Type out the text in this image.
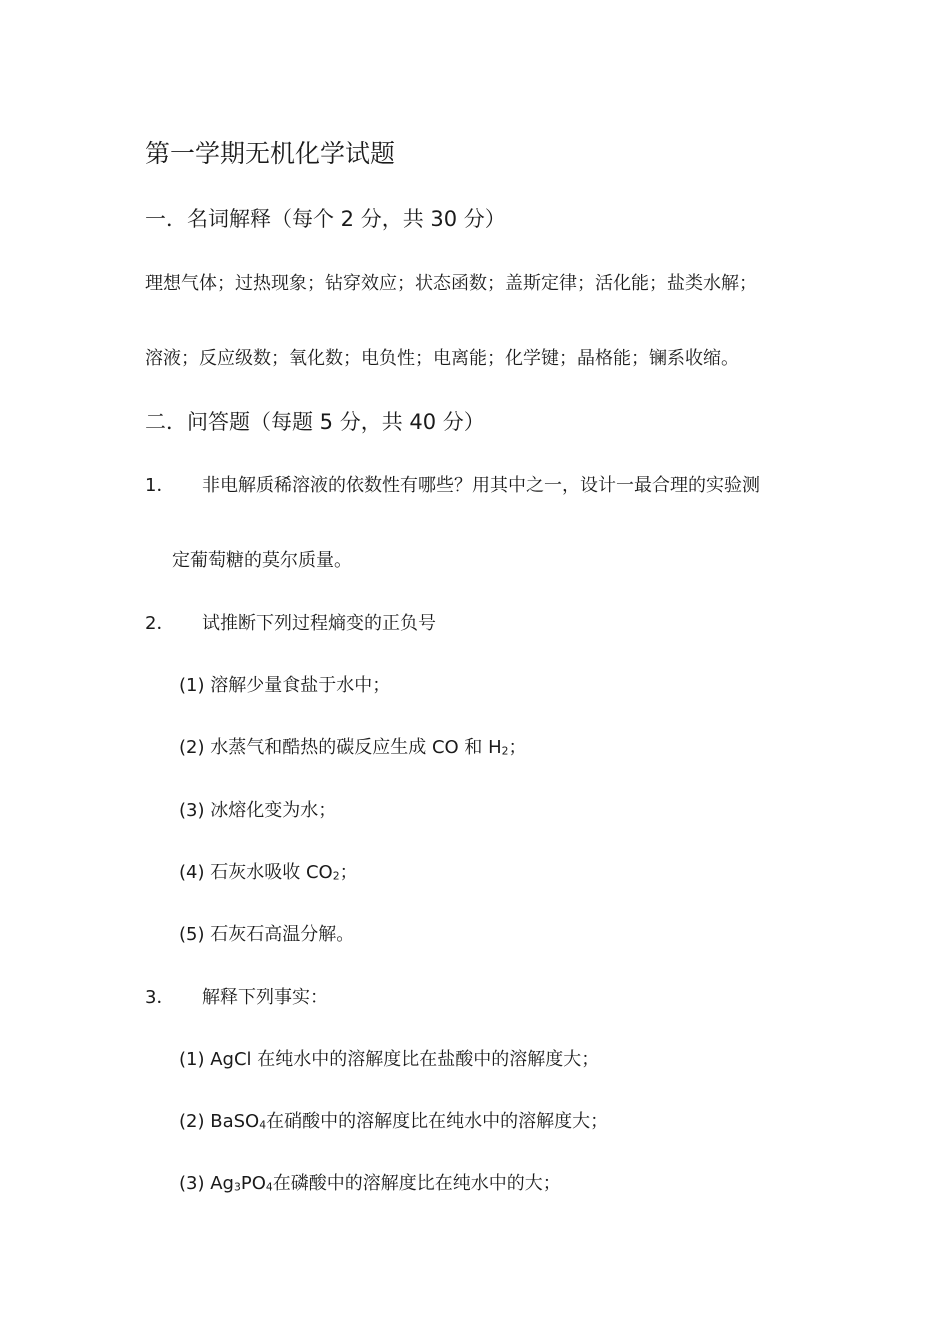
第一学期无机化学试题
一．名词解释（每个 2 分，共 30 分）
理想气体；过热现象；钻穿效应；状态函数；盖斯定律；活化能；盐类水解；
溶液；反应级数；氧化数；电负性；电离能；化学键；晶格能；镧系收缩。
二．问答题（每题 5 分，共 40 分）
1． 非电解质稀溶液的依数性有哪些？用其中之一，设计一最合理的实验测
定葡萄糖的莫尔质量。
2． 试推断下列过程熵变的正负号
(1) 溶解少量食盐于水中；
(2) 水蒸气和酷热的碳反应生成 CO 和 $H_2$；
(3) 冰熔化变为水；
(4) 石灰水吸收 $CO_2$；
(5) 石灰石高温分解。
3． 解释下列事实：
(1) AgCl 在纯水中的溶解度比在盐酸中的溶解度大；
(2) BaSO$_4$在硝酸中的溶解度比在纯水中的溶解度大；
(3) $Ag_3PO_4$在磷酸中的溶解度比在纯水中的大；
